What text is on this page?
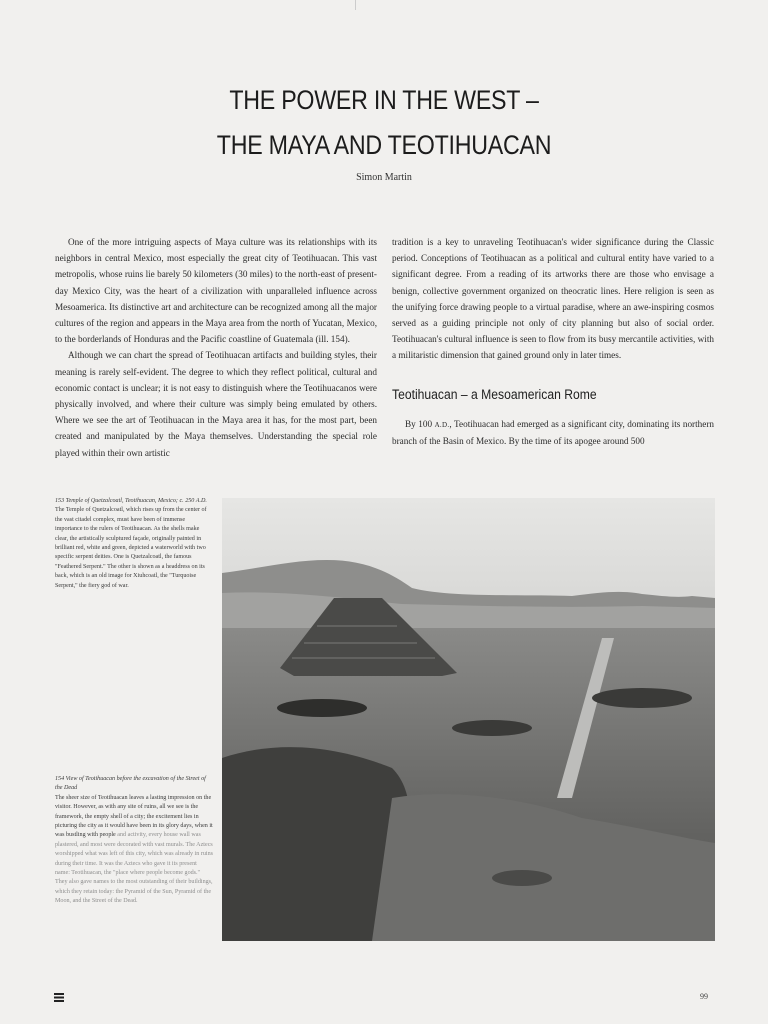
THE POWER IN THE WEST –
THE MAYA AND TEOTIHUACAN
Simon Martin

One of the more intriguing aspects of Maya culture was its relationships with its neighbors in central Mexico, most especially the great city of Teotihuacan. This vast metropolis, whose ruins lie barely 50 kilometers (30 miles) to the north-east of present-day Mexico City, was the heart of a civilization with unparalleled influence across Mesoamerica. Its distinctive art and architecture can be recognized among all the major cultures of the region and appears in the Maya area from the north of Yucatan, Mexico, to the borderlands of Honduras and the Pacific coastline of Guatemala (ill. 154).

Although we can chart the spread of Teotihuacan artifacts and building styles, their meaning is rarely self-evident. The degree to which they reflect political, cultural and economic contact is unclear; it is not easy to distinguish where the Teotihuacanos were physically involved, and where their culture was simply being emulated by others. Where we see the art of Teotihuacan in the Maya area it has, for the most part, been created and manipulated by the Maya themselves. Understanding the special role played within their own artistic

tradition is a key to unraveling Teotihuacan's wider significance during the Classic period. Conceptions of Teotihuacan as a political and cultural entity have varied to a significant degree. From a reading of its artworks there are those who envisage a benign, collective government organized on theocratic lines. Here religion is seen as the unifying force drawing people to a virtual paradise, where an awe-inspiring cosmos served as a guiding principle not only of city planning but also of social order. Teotihuacan's cultural influence is seen to flow from its busy mercantile activities, with a militaristic dimension that gained ground only in later times.

Teotihuacan – a Mesoamerican Rome

By 100 A.D., Teotihuacan had emerged as a significant city, dominating its northern branch of the Basin of Mexico. By the time of its apogee around 500

153 Temple of Quetzalcoatl, Teotihuacan, Mexico; c. 250 A.D.
The Temple of Quetzalcoatl, which rises up from the center of the vast citadel complex, must have been of immense importance to the rulers of Teotihuacan. As the shells make clear, the artistically sculptured façade, originally painted in brilliant red, white and green, depicted a waterworld with two specific serpent deities. One is Quetzalcoatl, the famous "Feathered Serpent." The other is shown as a headdress on its back, which is an old image for Xiuhcoatl, the "Turquoise Serpent," the fiery god of war.
154 View of Teotihuacan before the excavation of the Street of the Dead
The sheer size of Teotihuacan leaves a lasting impression on the visitor. However, as with any site of ruins, all we see is the framework, the empty shell of a city; the excitement lies in picturing the city as it would have been in its glory days, when it was bustling with people and activity, every house wall was plastered, and most were decorated with vast murals. The Aztecs worshipped what was left of this city, which was already in ruins during their time. It was the Aztecs who gave it its present name: Teotihuacan, the "place where people become gods." They also gave names to the most outstanding of their buildings, which they retain today: the Pyramid of the Sun, Pyramid of the Moon, and the Street of the Dead.
99
